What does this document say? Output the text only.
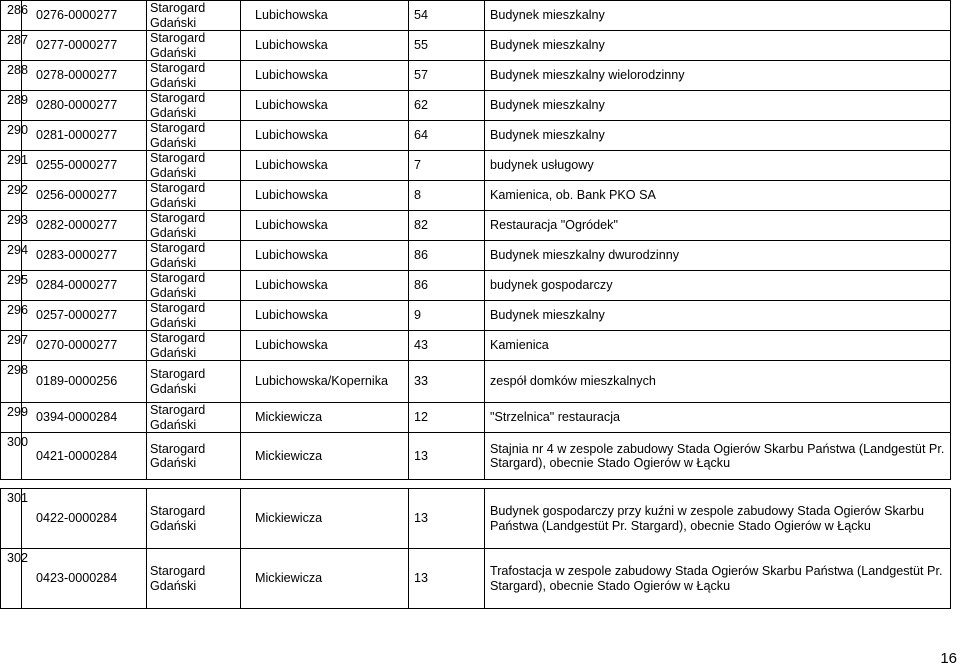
286	0276-0000277	Starogard Gdański	Lubichowska	54	Budynek mieszkalny
287	0277-0000277	Starogard Gdański	Lubichowska	55	Budynek mieszkalny
288	0278-0000277	Starogard Gdański	Lubichowska	57	Budynek mieszkalny wielorodzinny
289	0280-0000277	Starogard Gdański	Lubichowska	62	Budynek mieszkalny
290	0281-0000277	Starogard Gdański	Lubichowska	64	Budynek mieszkalny
291	0255-0000277	Starogard Gdański	Lubichowska	7	budynek usługowy
292	0256-0000277	Starogard Gdański	Lubichowska	8	Kamienica, ob. Bank PKO SA
293	0282-0000277	Starogard Gdański	Lubichowska	82	Restauracja "Ogródek"
294	0283-0000277	Starogard Gdański	Lubichowska	86	Budynek mieszkalny dwurodzinny
295	0284-0000277	Starogard Gdański	Lubichowska	86	budynek gospodarczy
296	0257-0000277	Starogard Gdański	Lubichowska	9	Budynek mieszkalny
297	0270-0000277	Starogard Gdański	Lubichowska	43	Kamienica
298	0189-0000256	Starogard Gdański	Lubichowska/Kopernika	33	zespół domków mieszkalnych
299	0394-0000284	Starogard Gdański	Mickiewicza	12	"Strzelnica" restauracja
300	0421-0000284	Starogard Gdański	Mickiewicza	13	Stajnia nr 4 w zespole zabudowy Stada Ogierów Skarbu Państwa (Landgestüt Pr. Stargard), obecnie Stado Ogierów w Łącku

301	0422-0000284	Starogard Gdański	Mickiewicza	13	Budynek gospodarczy przy kuźni w zespole zabudowy Stada Ogierów Skarbu Państwa (Landgestüt Pr. Stargard), obecnie Stado Ogierów w Łącku
302	0423-0000284	Starogard Gdański	Mickiewicza	13	Trafostacja w zespole zabudowy Stada Ogierów Skarbu Państwa (Landgestüt Pr. Stargard), obecnie Stado Ogierów w Łącku
16
